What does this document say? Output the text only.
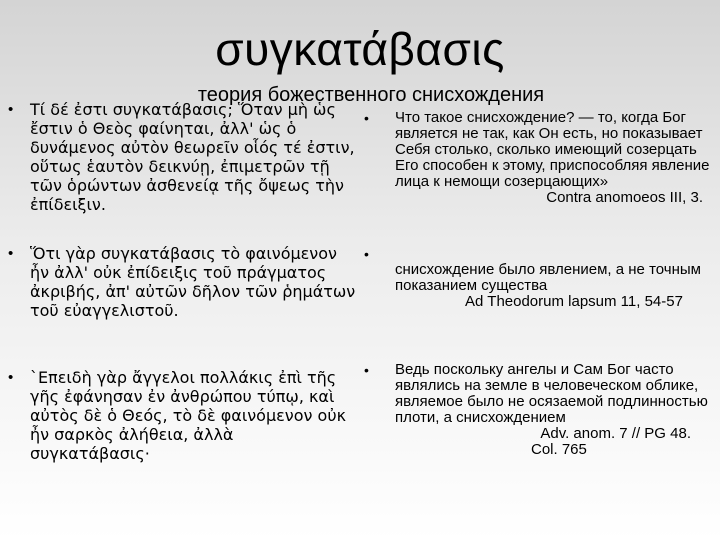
συγκατάβασις
теория божественного снисхождения
• Τί δέ ἐστι συγκατάβασις; Ὅταν μὴ ὡς ἔστιν ὁ Θεὸς φαίνηται, ἀλλ' ὡς ὁ δυνάμενος αὐτὸν θεωρεῖν οἷός τέ ἐστιν, οὕτως ἑαυτὸν δεικνύῃ, ἐπιμετρῶν τῇ τῶν ὁρώντων ἀσθενείᾳ τῆς ὄψεως τὴν ἐπίδειξιν.
• Ὅτι γὰρ συγκατάβασις τὸ φαινόμενον ἦν ἀλλ' οὐκ ἐπίδειξις τοῦ πράγματος ἀκριβής, ἀπ' αὐτῶν δῆλον τῶν ῥημάτων τοῦ εὐαγγελιστοῦ.
• `Επειδὴ γὰρ ἄγγελοι πολλάκις ἐπὶ τῆς γῆς ἐφάνησαν ἐν ἀνθρώπου τύπῳ, καὶ αὐτὸς δὲ ὁ Θεός, τὸ δὲ φαινόμενον οὐκ ἦν σαρκὸς ἀλήθεια, ἀλλὰ συγκατάβασις·
• Что такое снисхождение? — то, когда Бог является не так, как Он есть, но показывает Себя столько, сколько имеющий созерцать Его способен к этому, приспособляя явление лица к немощи созерцающих»
Contra anomoeos III, 3.
•
снисхождение было явлением, а не точным показанием существа
Ad Theodorum lapsum 11, 54-57
• Ведь поскольку ангелы и Сам Бог часто являлись на земле в человеческом облике, являемое было не осязаемой подлинностью плоти, а снисхождением
Adv. anom. 7 // PG 48.
Col. 765
